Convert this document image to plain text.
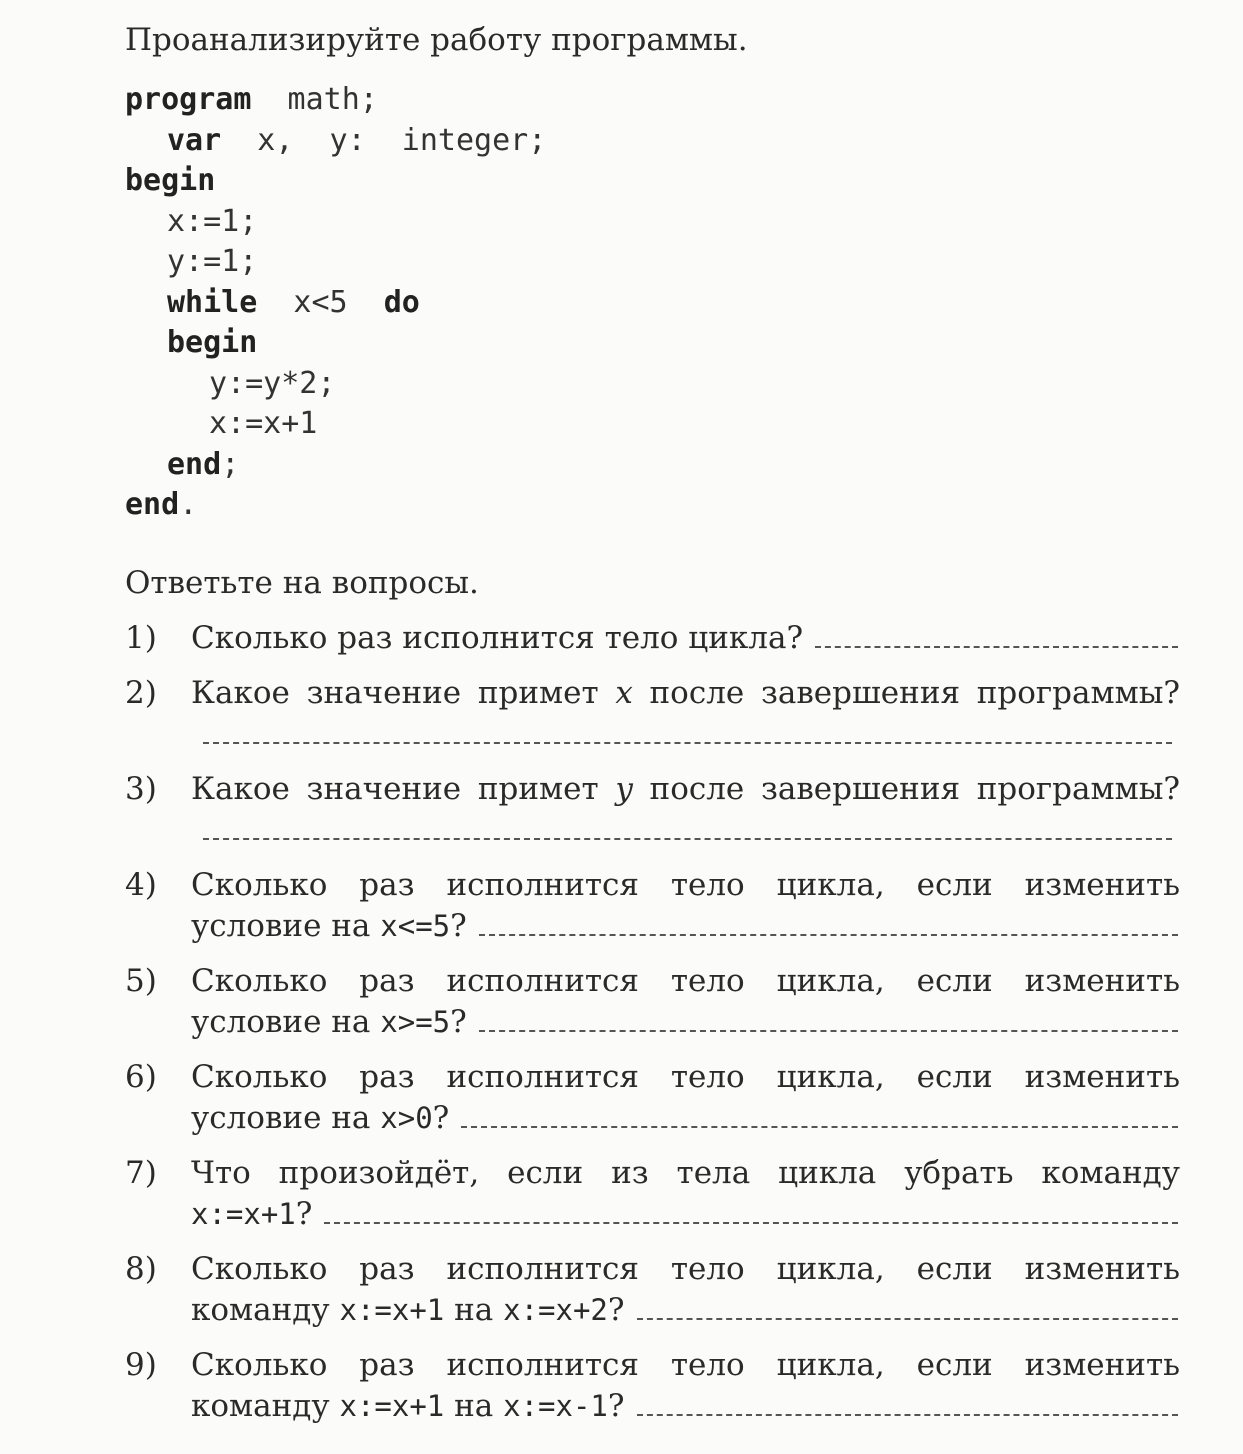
Проанализируйте работу программы.
program  math;
var  x,  y:  integer;
begin
x:=1;
y:=1;
while  x<5  do
begin
y:=y*2;
x:=x+1
end;
end.
Ответьте на вопросы.
1)	Сколько раз исполнится тело цикла?
2)	Какое значение примет x после завершения программы?
3)	Какое значение примет y после завершения программы?
4)	Сколько раз исполнится тело цикла, если изменить условие на x<=5?
5)	Сколько раз исполнится тело цикла, если изменить условие на x>=5?
6)	Сколько раз исполнится тело цикла, если изменить условие на x>0?
7)	Что произойдёт, если из тела цикла убрать команду x:=x+1?
8)	Сколько раз исполнится тело цикла, если изменить команду x:=x+1 на x:=x+2?
9)	Сколько раз исполнится тело цикла, если изменить команду x:=x+1 на x:=x-1?
